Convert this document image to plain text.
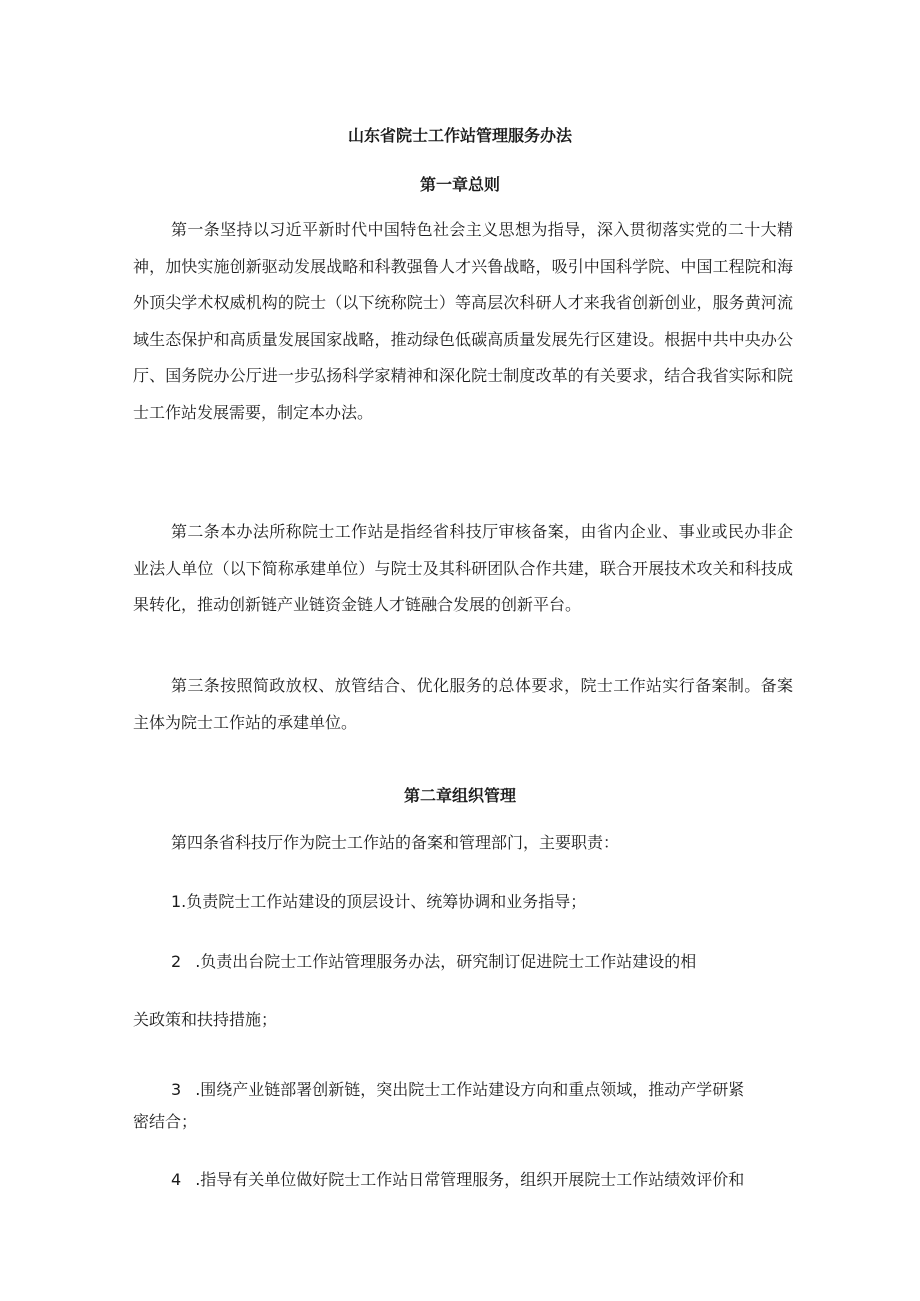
山东省院士工作站管理服务办法
第一章总则

第一条坚持以习近平新时代中国特色社会主义思想为指导，深入贯彻落实党的二十大精神，加快实施创新驱动发展战略和科教强鲁人才兴鲁战略，吸引中国科学院、中国工程院和海外顶尖学术权威机构的院士（以下统称院士）等高层次科研人才来我省创新创业，服务黄河流域生态保护和高质量发展国家战略，推动绿色低碳高质量发展先行区建设。根据中共中央办公厅、国务院办公厅进一步弘扬科学家精神和深化院士制度改革的有关要求，结合我省实际和院士工作站发展需要，制定本办法。

第二条本办法所称院士工作站是指经省科技厅审核备案，由省内企业、事业或民办非企业法人单位（以下简称承建单位）与院士及其科研团队合作共建，联合开展技术攻关和科技成果转化，推动创新链产业链资金链人才链融合发展的创新平台。

第三条按照简政放权、放管结合、优化服务的总体要求，院士工作站实行备案制。备案主体为院士工作站的承建单位。

第二章组织管理
第四条省科技厅作为院士工作站的备案和管理部门，主要职责：
1.负责院士工作站建设的顶层设计、统筹协调和业务指导；
2 .负责出台院士工作站管理服务办法，研究制订促进院士工作站建设的相
关政策和扶持措施；
3 .围绕产业链部署创新链，突出院士工作站建设方向和重点领域，推动产学研紧
密结合；
4 .指导有关单位做好院士工作站日常管理服务，组织开展院士工作站绩效评价和
